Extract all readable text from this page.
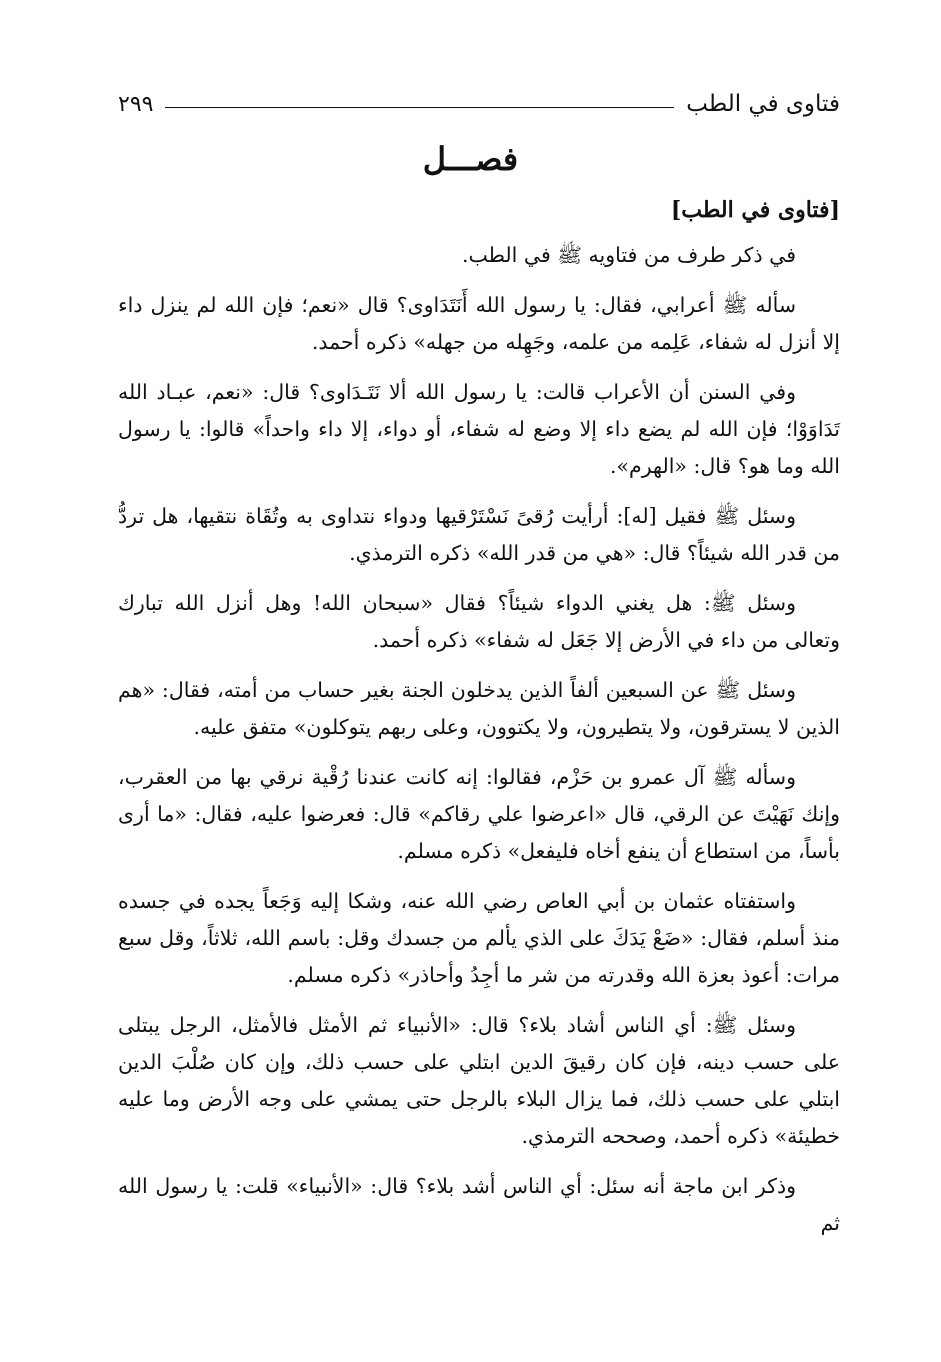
فتاوى في الطب
٢٩٩
فصـــل
[فتاوى في الطب]

في ذكر طرف من فتاويه ﷺ في الطب.

سأله ﷺ أعرابي، فقال: يا رسول الله أَنَتَدَاوى؟ قال «نعم؛ فإن الله لم ينزل داء إلا أنزل له شفاء، عَلِمه من علمه، وجَهِله من جهله» ذكره أحمد.

وفي السنن أن الأعراب قالت: يا رسول الله ألا نَتَـدَاوى؟ قال: «نعم، عبـاد الله تَدَاوَوْا؛ فإن الله لم يضع داء إلا وضع له شفاء، أو دواء، إلا داء واحداً» قالوا: يا رسول الله وما هو؟ قال: «الهرم».

وسئل ﷺ فقيل [له]: أرأيت رُقىً نَسْتَرْقيها ودواء نتداوى به وتُقَاة نتقيها، هل تردُّ من قدر الله شيئاً؟ قال: «هي من قدر الله» ذكره الترمذي.

وسئل ﷺ: هل يغني الدواء شيئاً؟ فقال «سبحان الله! وهل أنزل الله تبارك وتعالى من داء في الأرض إلا جَعَل له شفاء» ذكره أحمد.

وسئل ﷺ عن السبعين ألفاً الذين يدخلون الجنة بغير حساب من أمته، فقال: «هم الذين لا يسترقون، ولا يتطيرون، ولا يكتوون، وعلى ربهم يتوكلون» متفق عليه.

وسأله ﷺ آل عمرو بن حَزْم، فقالوا: إنه كانت عندنا رُقْية نرقي بها من العقرب، وإنك نَهَيْتَ عن الرقي، قال «اعرضوا علي رقاكم» قال: فعرضوا عليه، فقال: «ما أرى بأساً، من استطاع أن ينفع أخاه فليفعل» ذكره مسلم.

واستفتاه عثمان بن أبي العاص رضي الله عنه، وشكا إليه وَجَعاً يجده في جسده منذ أسلم، فقال: «ضَعْ يَدَكَ على الذي يألم من جسدك وقل: باسم الله، ثلاثاً، وقل سبع مرات: أعوذ بعزة الله وقدرته من شر ما أجِدُ وأحاذر» ذكره مسلم.

وسئل ﷺ: أي الناس أشاد بلاء؟ قال: «الأنبياء ثم الأمثل فالأمثل، الرجل يبتلى على حسب دينه، فإن كان رقيقَ الدين ابتلي على حسب ذلك، وإن كان صُلْبَ الدين ابتلي على حسب ذلك، فما يزال البلاء بالرجل حتى يمشي على وجه الأرض وما عليه خطيئة» ذكره أحمد، وصححه الترمذي.

وذكر ابن ماجة أنه سئل: أي الناس أشد بلاء؟ قال: «الأنبياء» قلت: يا رسول الله ثم
